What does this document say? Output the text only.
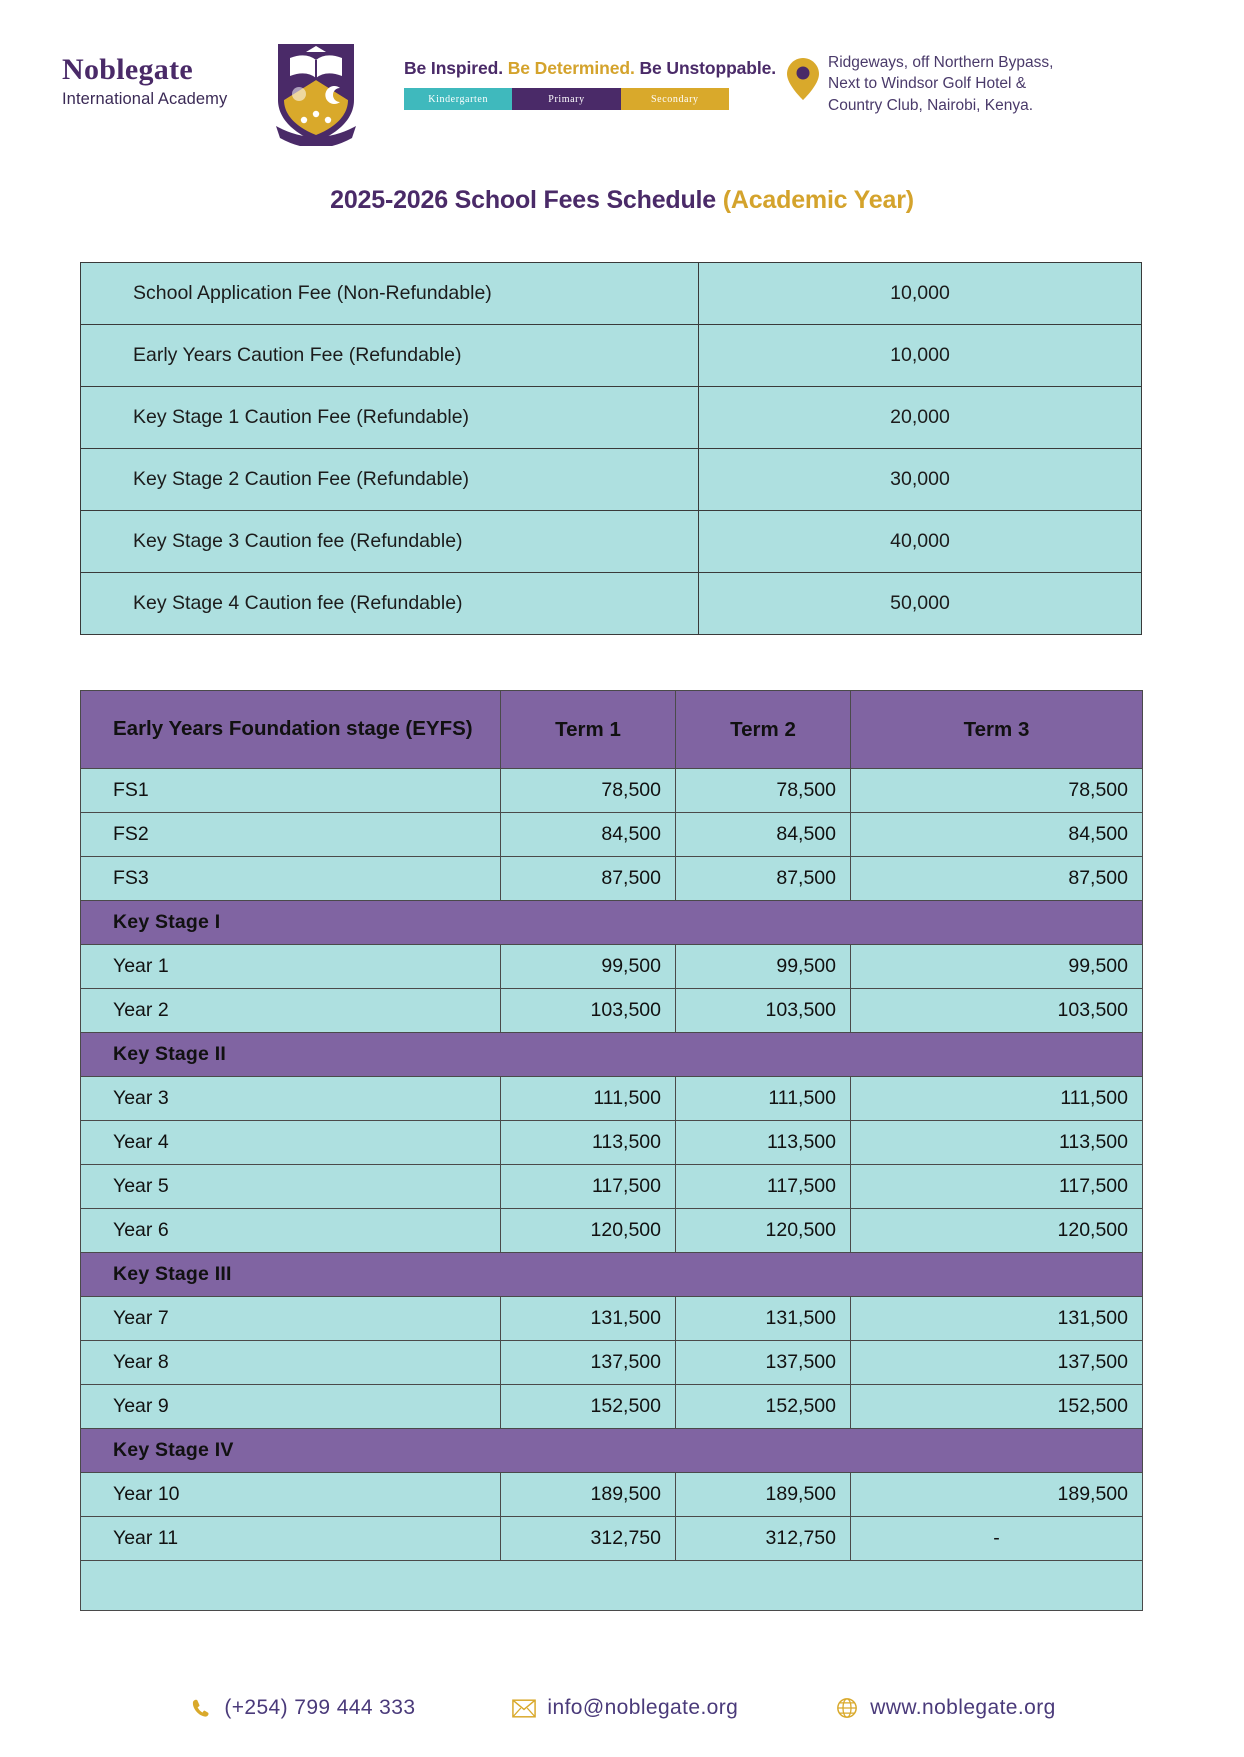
Noblegate
International Academy
Be Inspired. Be Determined. Be Unstoppable.
Kindergarten	Primary	Secondary
Ridgeways, off Northern Bypass,
Next to Windsor Golf Hotel &
Country Club, Nairobi, Kenya.
2025-2026 School Fees Schedule (Academic Year)
School Application Fee (Non-Refundable)	10,000
Early Years Caution Fee (Refundable)	10,000
Key Stage 1 Caution Fee (Refundable)	20,000
Key Stage 2 Caution Fee (Refundable)	30,000
Key Stage 3 Caution fee (Refundable)	40,000
Key Stage 4 Caution fee (Refundable)	50,000
Early Years Foundation stage (EYFS)	Term 1	Term 2	Term 3
FS1	78,500	78,500	78,500
FS2	84,500	84,500	84,500
FS3	87,500	87,500	87,500
Key Stage I			
Year 1	99,500	99,500	99,500
Year 2	103,500	103,500	103,500
Key Stage II			
Year 3	111,500	111,500	111,500
Year 4	113,500	113,500	113,500
Year 5	117,500	117,500	117,500
Year 6	120,500	120,500	120,500
Key Stage III			
Year 7	131,500	131,500	131,500
Year 8	137,500	137,500	137,500
Year 9	152,500	152,500	152,500
Key Stage IV			
Year 10	189,500	189,500	189,500
Year 11	312,750	312,750	-

(+254) 799 444 333	info@noblegate.org	www.noblegate.org
